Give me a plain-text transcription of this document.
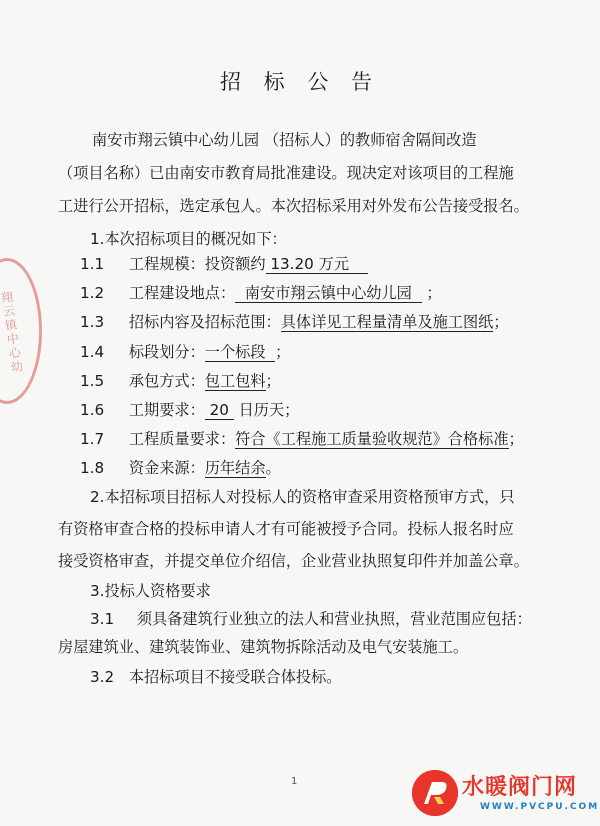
翔云镇中心幼
招 标 公 告
南安市翔云镇中心幼儿园 （招标人）的教师宿舍隔间改造
（项目名称）已由南安市教育局批准建设。现决定对该项目的工程施
工进行公开招标，选定承包人。本次招标采用对外发布公告接受报名。
1.本次招标项目的概况如下：
1.1 工程规模：投资额约 13.20 万元
1.2 工程建设地点： 南安市翔云镇中心幼儿园 ；
1.3 招标内容及招标范围：具体详见工程量清单及施工图纸；
1.4 标段划分：一个标段 ；
1.5 承包方式：包工包料；
1.6 工期要求： 20 日历天；
1.7 工程质量要求：符合《工程施工质量验收规范》合格标准；
1.8 资金来源：历年结余。
2.本招标项目招标人对投标人的资格审查采用资格预审方式，只
有资格审查合格的投标申请人才有可能被授予合同。投标人报名时应
接受资格审查，并提交单位介绍信，企业营业执照复印件并加盖公章。
3.投标人资格要求
3.1 须具备建筑行业独立的法人和营业执照，营业范围应包括：
房屋建筑业、建筑装饰业、建筑物拆除活动及电气安装施工。
3.2 本招标项目不接受联合体投标。
1	水暖阀门网
WWW.PVCPU.COM
